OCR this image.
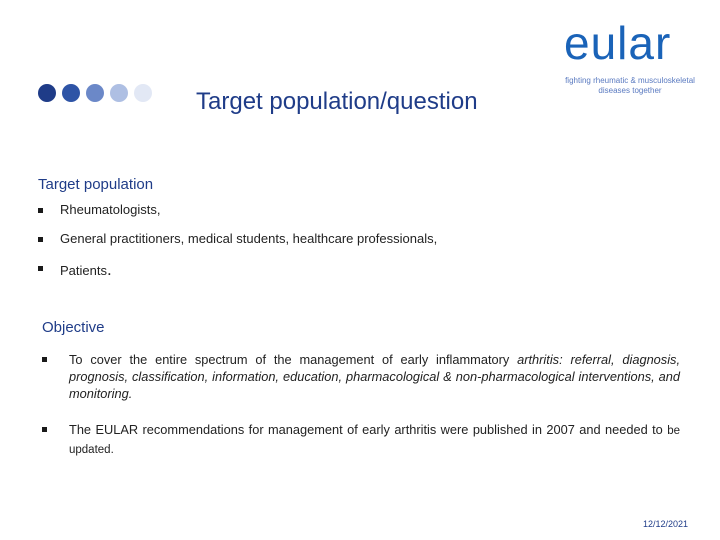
Target population/question
eular
fighting rheumatic & musculoskeletal
diseases together
Target population
Rheumatologists,
General practitioners, medical students, healthcare professionals,
Patients.
Objective
To cover the entire spectrum of the management of early inflammatory arthritis: referral, diagnosis, prognosis, classification, information, education, pharmacological & non-pharmacological interventions, and monitoring.
The EULAR recommendations for management of early arthritis were published in 2007 and needed to be updated.
12/12/2021
